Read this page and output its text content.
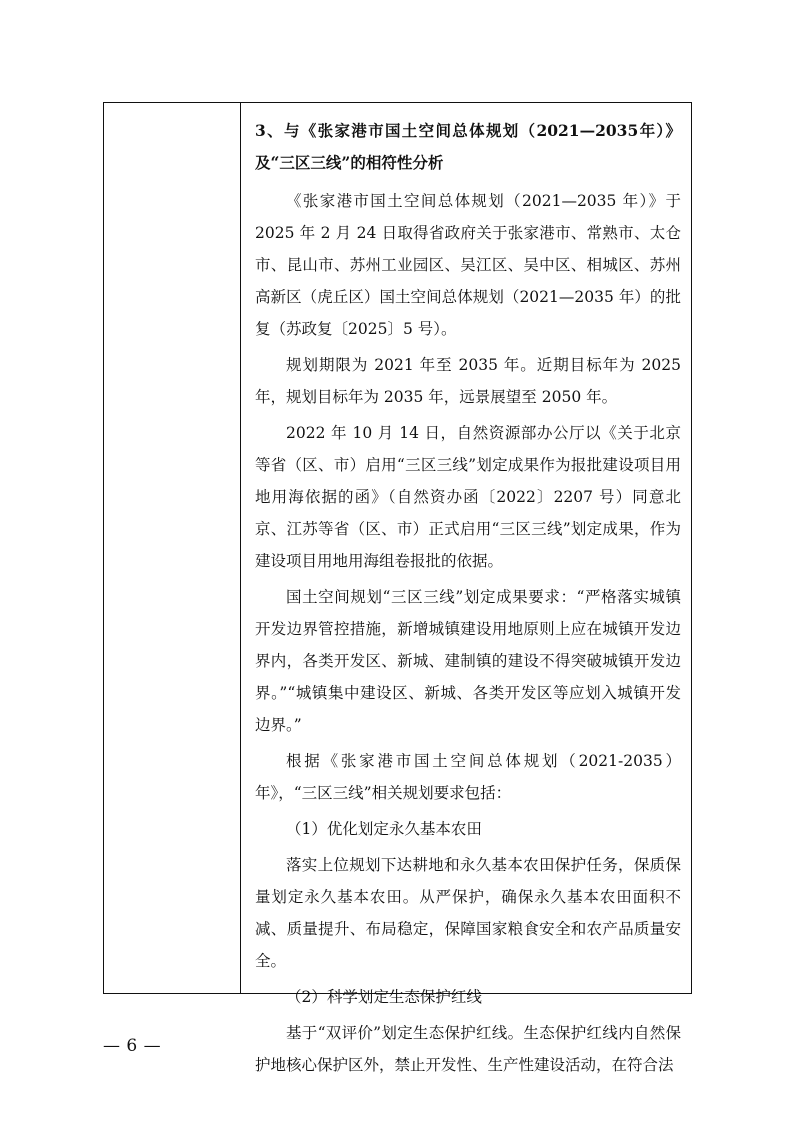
3、与《张家港市国土空间总体规划（2021—2035年）》及“三区三线”的相符性分析

《张家港市国土空间总体规划（2021—2035 年）》于 2025 年 2 月 24 日取得省政府关于张家港市、常熟市、太仓市、昆山市、苏州工业园区、吴江区、吴中区、相城区、苏州高新区（虎丘区）国土空间总体规划（2021—2035 年）的批复（苏政复〔2025〕5 号）。

规划期限为 2021 年至 2035 年。近期目标年为 2025 年，规划目标年为 2035 年，远景展望至 2050 年。

2022 年 10 月 14 日，自然资源部办公厅以《关于北京等省（区、市）启用“三区三线”划定成果作为报批建设项目用地用海依据的函》（自然资办函〔2022〕2207 号）同意北京、江苏等省（区、市）正式启用“三区三线”划定成果，作为建设项目用地用海组卷报批的依据。

国土空间规划“三区三线”划定成果要求：“严格落实城镇开发边界管控措施，新增城镇建设用地原则上应在城镇开发边界内，各类开发区、新城、建制镇的建设不得突破城镇开发边界。”“城镇集中建设区、新城、各类开发区等应划入城镇开发边界。”

根据《张家港市国土空间总体规划（2021-2035）年》，“三区三线”相关规划要求包括：

（1）优化划定永久基本农田

落实上位规划下达耕地和永久基本农田保护任务，保质保量划定永久基本农田。从严保护，确保永久基本农田面积不减、质量提升、布局稳定，保障国家粮食安全和农产品质量安全。

（2）科学划定生态保护红线

基于“双评价”划定生态保护红线。生态保护红线内自然保护地核心保护区外，禁止开发性、生产性建设活动，在符合法

— 6 —
